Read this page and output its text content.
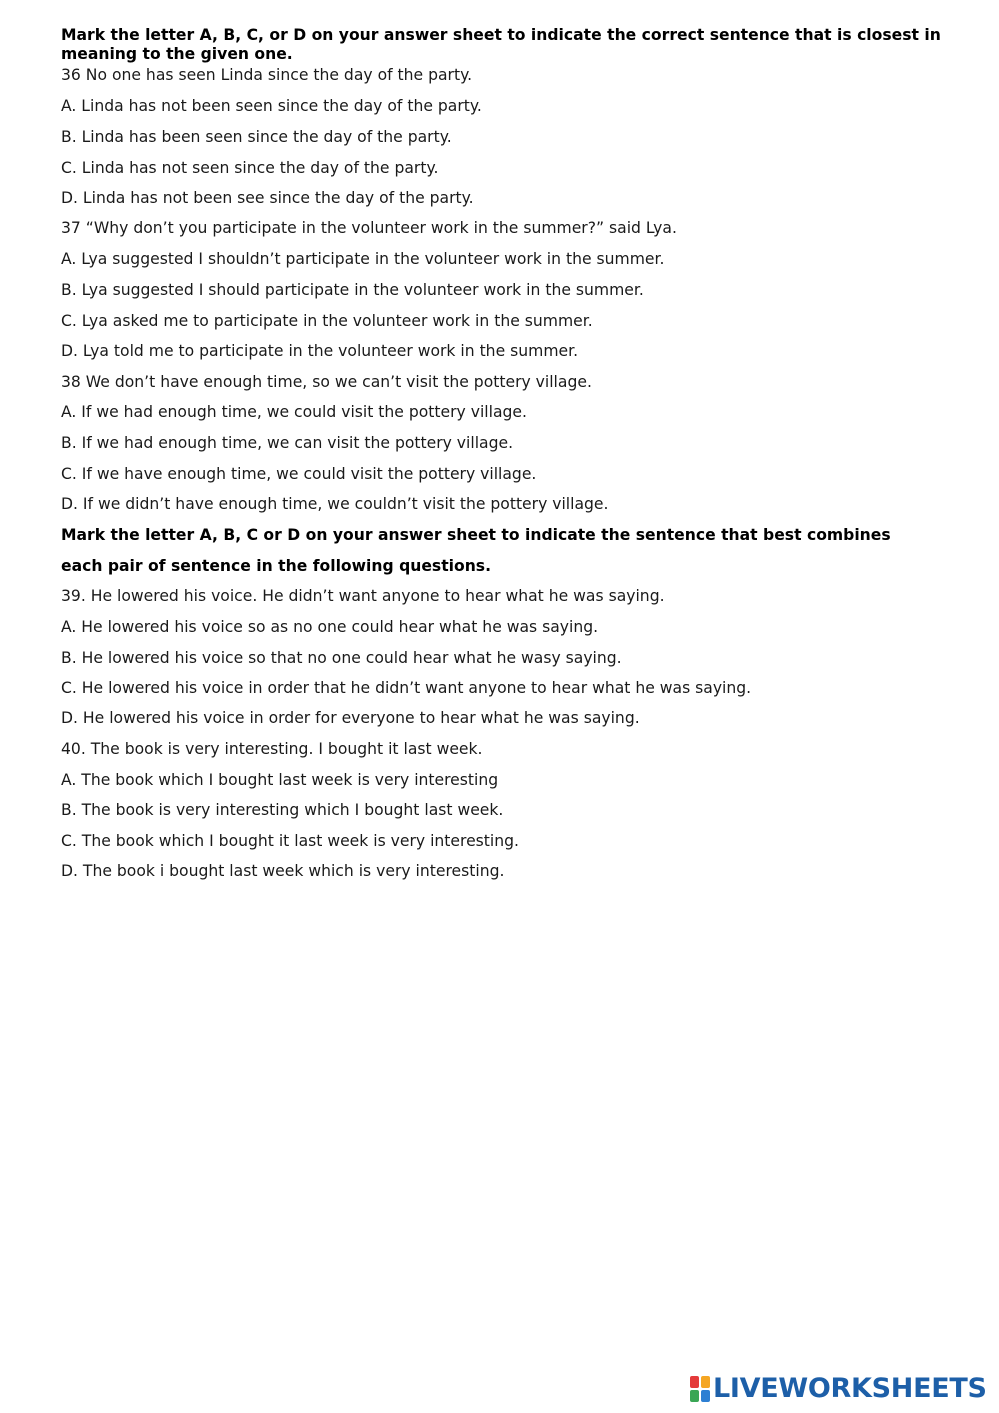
Mark the letter A, B, C, or D on your answer sheet to indicate the correct sentence that is closest in meaning to the given one.
36 No one has seen Linda since the day of the party.
A. Linda has not been seen since the day of the party.
B. Linda has been seen since the day of the party.
C. Linda has not seen since the day of the party.
D. Linda has not been see since the day of the party.
37 “Why don’t you participate in the volunteer work in the summer?” said Lya.
A. Lya suggested I shouldn’t participate in the volunteer work in the summer.
B. Lya suggested I should participate in the volunteer work in the summer.
C. Lya asked me to participate in the volunteer work in the summer.
D. Lya told me to participate in the volunteer work in the summer.
38 We don’t have enough time, so we can’t visit the pottery village.
A. If we had enough time, we could visit the pottery village.
B. If we had enough time, we can visit the pottery village.
C. If we have enough time, we could visit the pottery village.
D. If we didn’t have enough time, we couldn’t visit the pottery village.
Mark the letter A, B, C or D on your answer sheet to indicate the sentence that best combines
each pair of sentence in the following questions.
39. He lowered his voice. He didn’t want anyone to hear what he was saying.
A. He lowered his voice so as no one could hear what he was saying.
B. He lowered his voice so that no one could hear what he wasy saying.
C. He lowered his voice in order that he didn’t want anyone to hear what he was saying.
D. He lowered his voice in order for everyone to hear what he was saying.
40. The book is very interesting. I bought it last week.
A. The book which I bought last week is very interesting
B. The book is very interesting which I bought last week.
C. The book which I bought it last week is very interesting.
D. The book i bought last week which is very interesting.
LIVEWORKSHEETS
